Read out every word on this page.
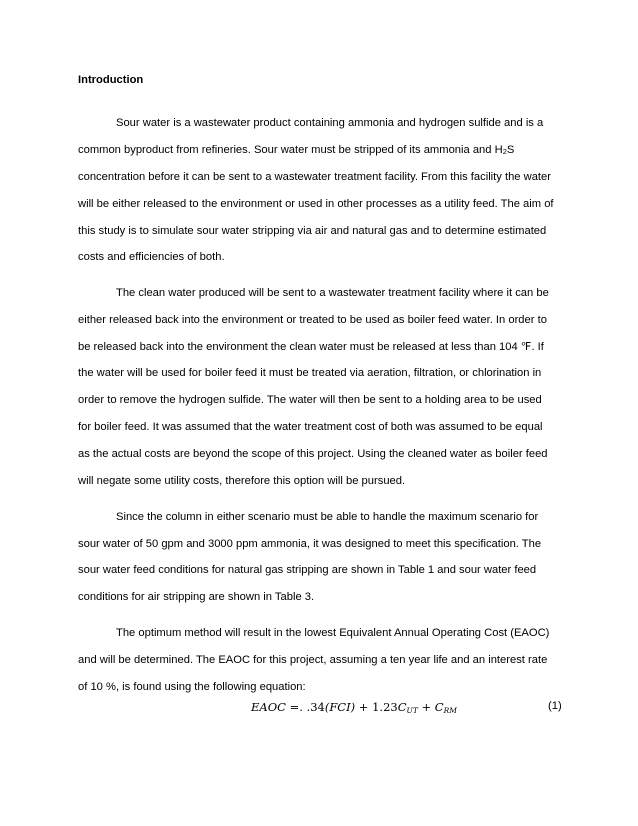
Introduction
Sour water is a wastewater product containing ammonia and hydrogen sulfide and is a
common byproduct from refineries. Sour water must be stripped of its ammonia and H2S
concentration before it can be sent to a wastewater treatment facility. From this facility the water
will be either released to the environment or used in other processes as a utility feed. The aim of
this study is to simulate sour water stripping via air and natural gas and to determine estimated
costs and efficiencies of both.
The clean water produced will be sent to a wastewater treatment facility where it can be
either released back into the environment or treated to be used as boiler feed water. In order to
be released back into the environment the clean water must be released at less than 104 ℉. If
the water will be used for boiler feed it must be treated via aeration, filtration, or chlorination in
order to remove the hydrogen sulfide. The water will then be sent to a holding area to be used
for boiler feed. It was assumed that the water treatment cost of both was assumed to be equal
as the actual costs are beyond the scope of this project. Using the cleaned water as boiler feed
will negate some utility costs, therefore this option will be pursued.
Since the column in either scenario must be able to handle the maximum scenario for
sour water of 50 gpm and 3000 ppm ammonia, it was designed to meet this specification. The
sour water feed conditions for natural gas stripping are shown in Table 1 and sour water feed
conditions for air stripping are shown in Table 3.
The optimum method will result in the lowest Equivalent Annual Operating Cost (EAOC)
and will be determined. The EAOC for this project, assuming a ten year life and an interest rate
of 10 %, is found using the following equation:
EAOC =. .34(FCI) + 1.23CUT + CRM	(1)
